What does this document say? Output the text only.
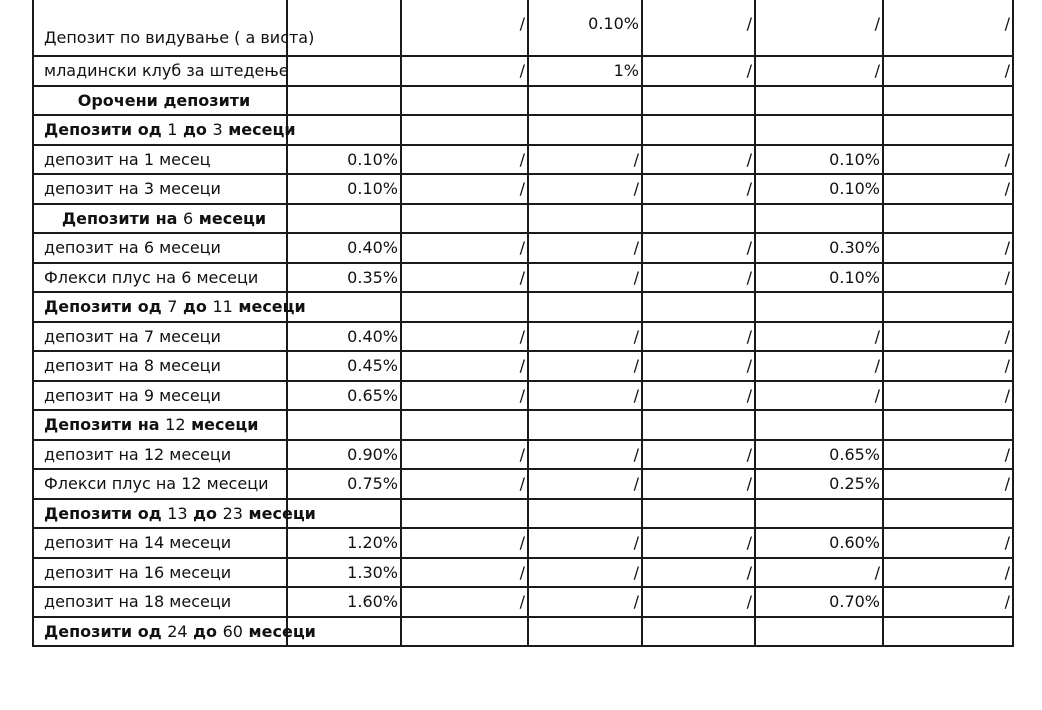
Депозит по видување ( а виста)		/	0.10%	/	/	/
младински клуб за штедење		/	1%	/	/	/
Орочени депозити						
Депозити од 1 до 3 месеци						
депозит на 1 месец	0.10%	/	/	/	0.10%	/
депозит на 3 месеци	0.10%	/	/	/	0.10%	/
Депозити на 6 месеци						
депозит на 6 месеци	0.40%	/	/	/	0.30%	/
Флекси плус на 6 месеци	0.35%	/	/	/	0.10%	/
Депозити од 7 до 11 месеци						
депозит на 7 месеци	0.40%	/	/	/	/	/
депозит на 8 месеци	0.45%	/	/	/	/	/
депозит на 9 месеци	0.65%	/	/	/	/	/
Депозити на 12 месеци						
депозит на 12 месеци	0.90%	/	/	/	0.65%	/
Флекси плус на 12 месеци	0.75%	/	/	/	0.25%	/
Депозити од 13 до 23 месеци						
депозит на 14 месеци	1.20%	/	/	/	0.60%	/
депозит на 16 месеци	1.30%	/	/	/	/	/
депозит на 18 месеци	1.60%	/	/	/	0.70%	/
Депозити од 24 до 60 месеци						
